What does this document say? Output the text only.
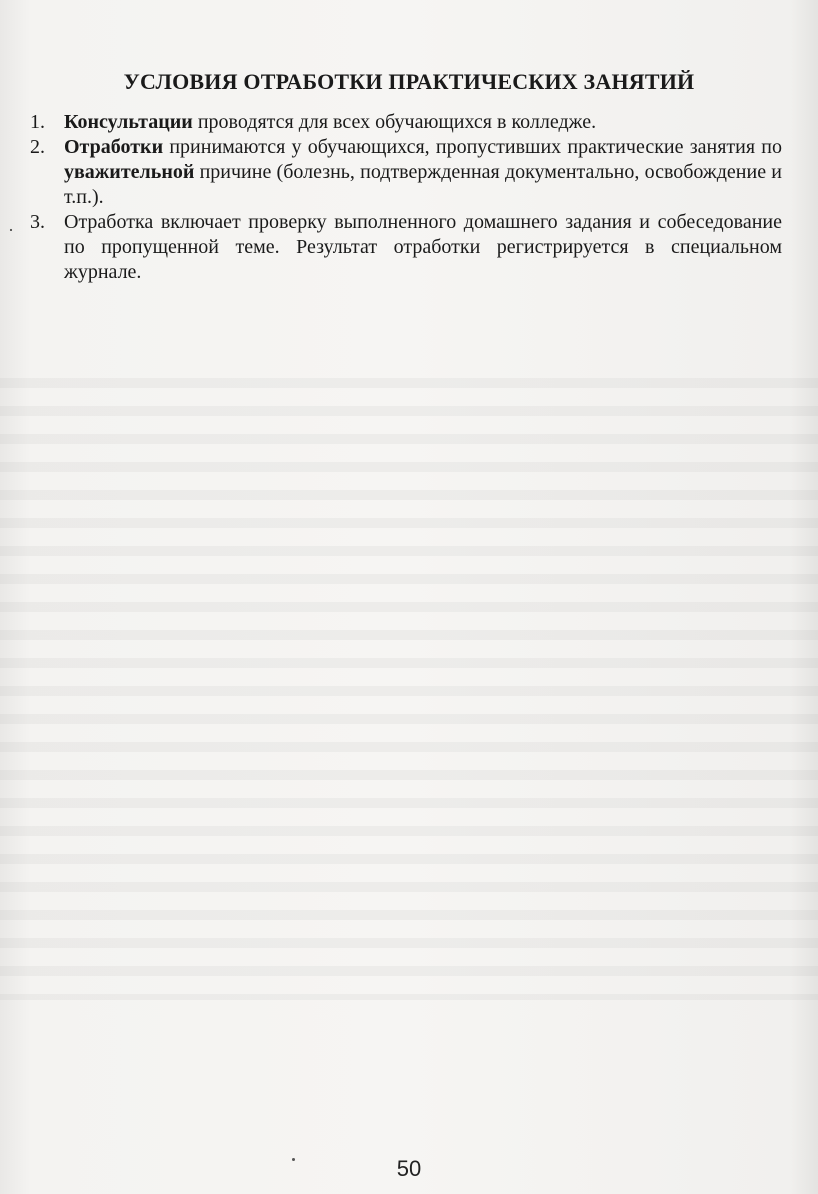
УСЛОВИЯ ОТРАБОТКИ ПРАКТИЧЕСКИХ ЗАНЯТИЙ
·
1. Консультации проводятся для всех обучающихся в колледже.
2. Отработки принимаются у обучающихся, пропустивших практические занятия по уважительной причине (болезнь, подтвержденная документально, освобождение и т.п.).
3. Отработка включает проверку выполненного домашнего задания и собеседование по пропущенной теме. Результат отработки регистрируется в специальном журнале.
50
